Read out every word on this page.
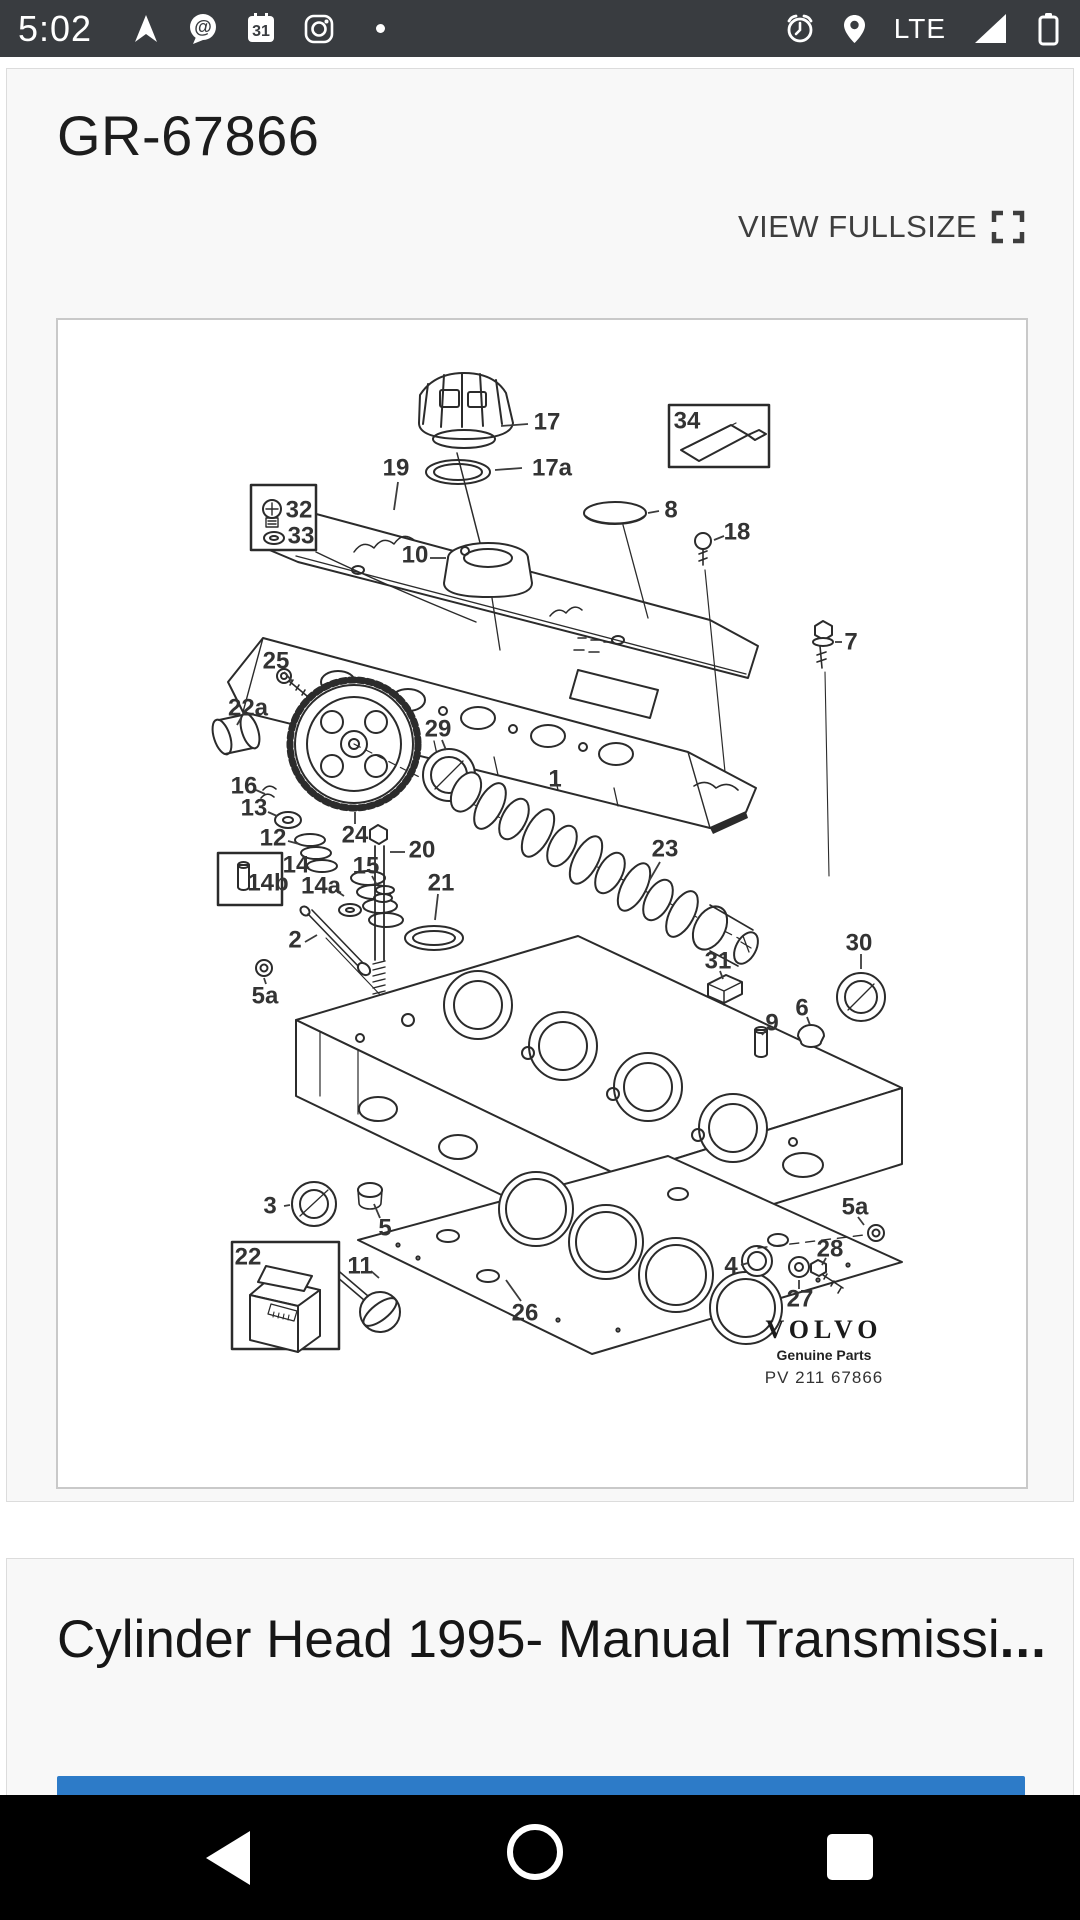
5:02	@	31	LTE
GR-67866
VIEW FULLSIZE
VOLVO
Genuine Parts
PV 211 67866
17
17a
19
34
8
18
32
33
10
7
25
22a
29
1
16
13
12 24
20	23
14
14b 14a
15
21
2
5a
31
30
9
6
3
5
22	11
26
4
5a
27
28
Cylinder Head 1995- Manual Transmissi...
